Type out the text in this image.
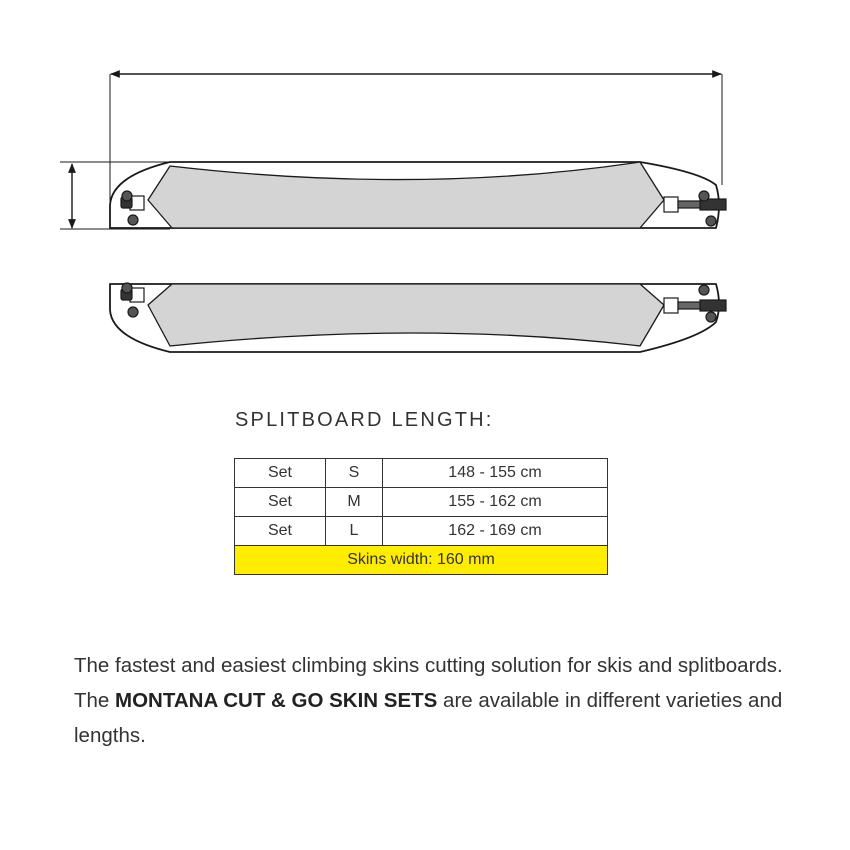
SPLITBOARD LENGTH:
Set	S	148 - 155 cm
Set	M	155 - 162 cm
Set	L	162 - 169 cm
Skins width: 160 mm		
The fastest and easiest climbing skins cutting solution for skis and splitboards. The MONTANA CUT & GO SKIN SETS are available in different varieties and lengths.
